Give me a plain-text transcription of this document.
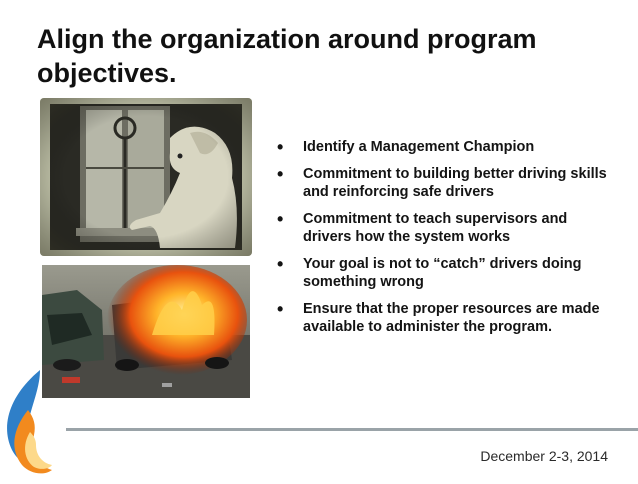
Align the organization around program objectives.
• Identify a Management Champion
• Commitment to building better driving skills and reinforcing safe drivers
• Commitment to teach supervisors and drivers how the system works
• Your goal is not to “catch” drivers doing something wrong
• Ensure that the proper resources are made available to administer the program.
December 2-3, 2014
